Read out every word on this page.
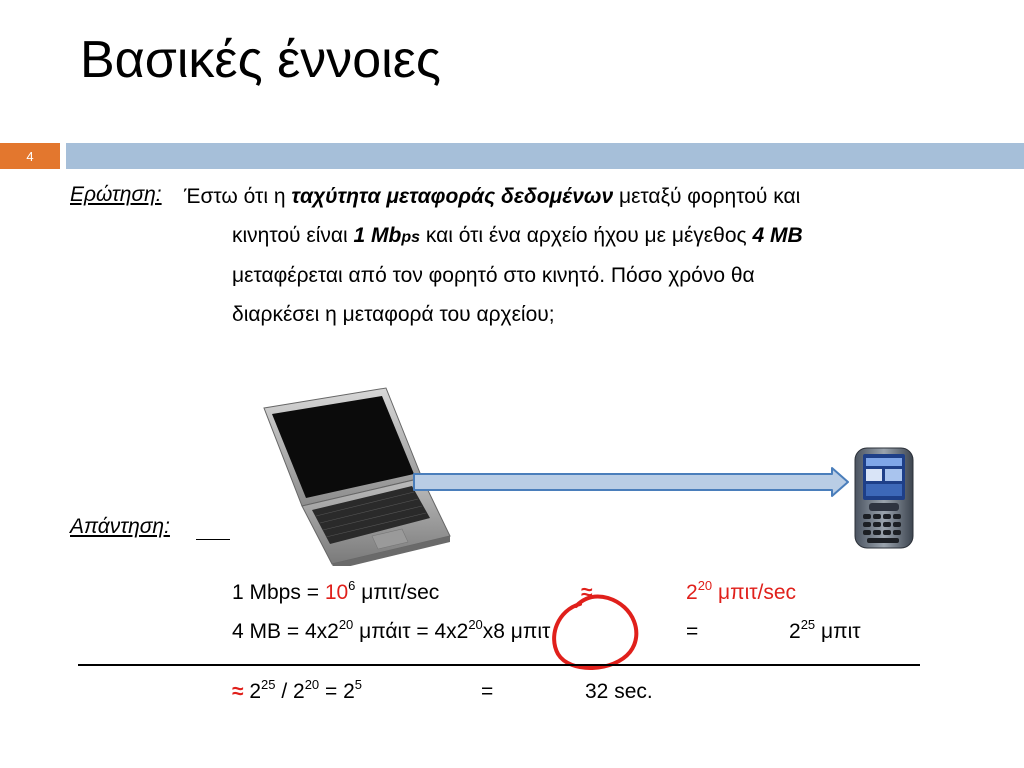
Βασικές έννοιες
4
Ερώτηση: Έστω ότι η ταχύτητα μεταφοράς δεδομένων μεταξύ φορητού και
κινητού είναι 1 Mbps και ότι ένα αρχείο ήχου με μέγεθος 4 MB
μεταφέρεται από τον φορητό στο κινητό. Πόσο χρόνο θα
διαρκέσει η μεταφορά του αρχείου;
Απάντηση:
1 Mbps = $10^6$ μπιτ/sec	≈	$2^{20}$ μπιτ/sec
4 MB = $4x2^{20}$ $\mu\pi ά\iota\tau = 4x2^{20}x8$ μπιτ	=	$2^{25}$ μπιτ
≈ $2^{25} / 2^{20} = 2^5$	=	32 sec.
